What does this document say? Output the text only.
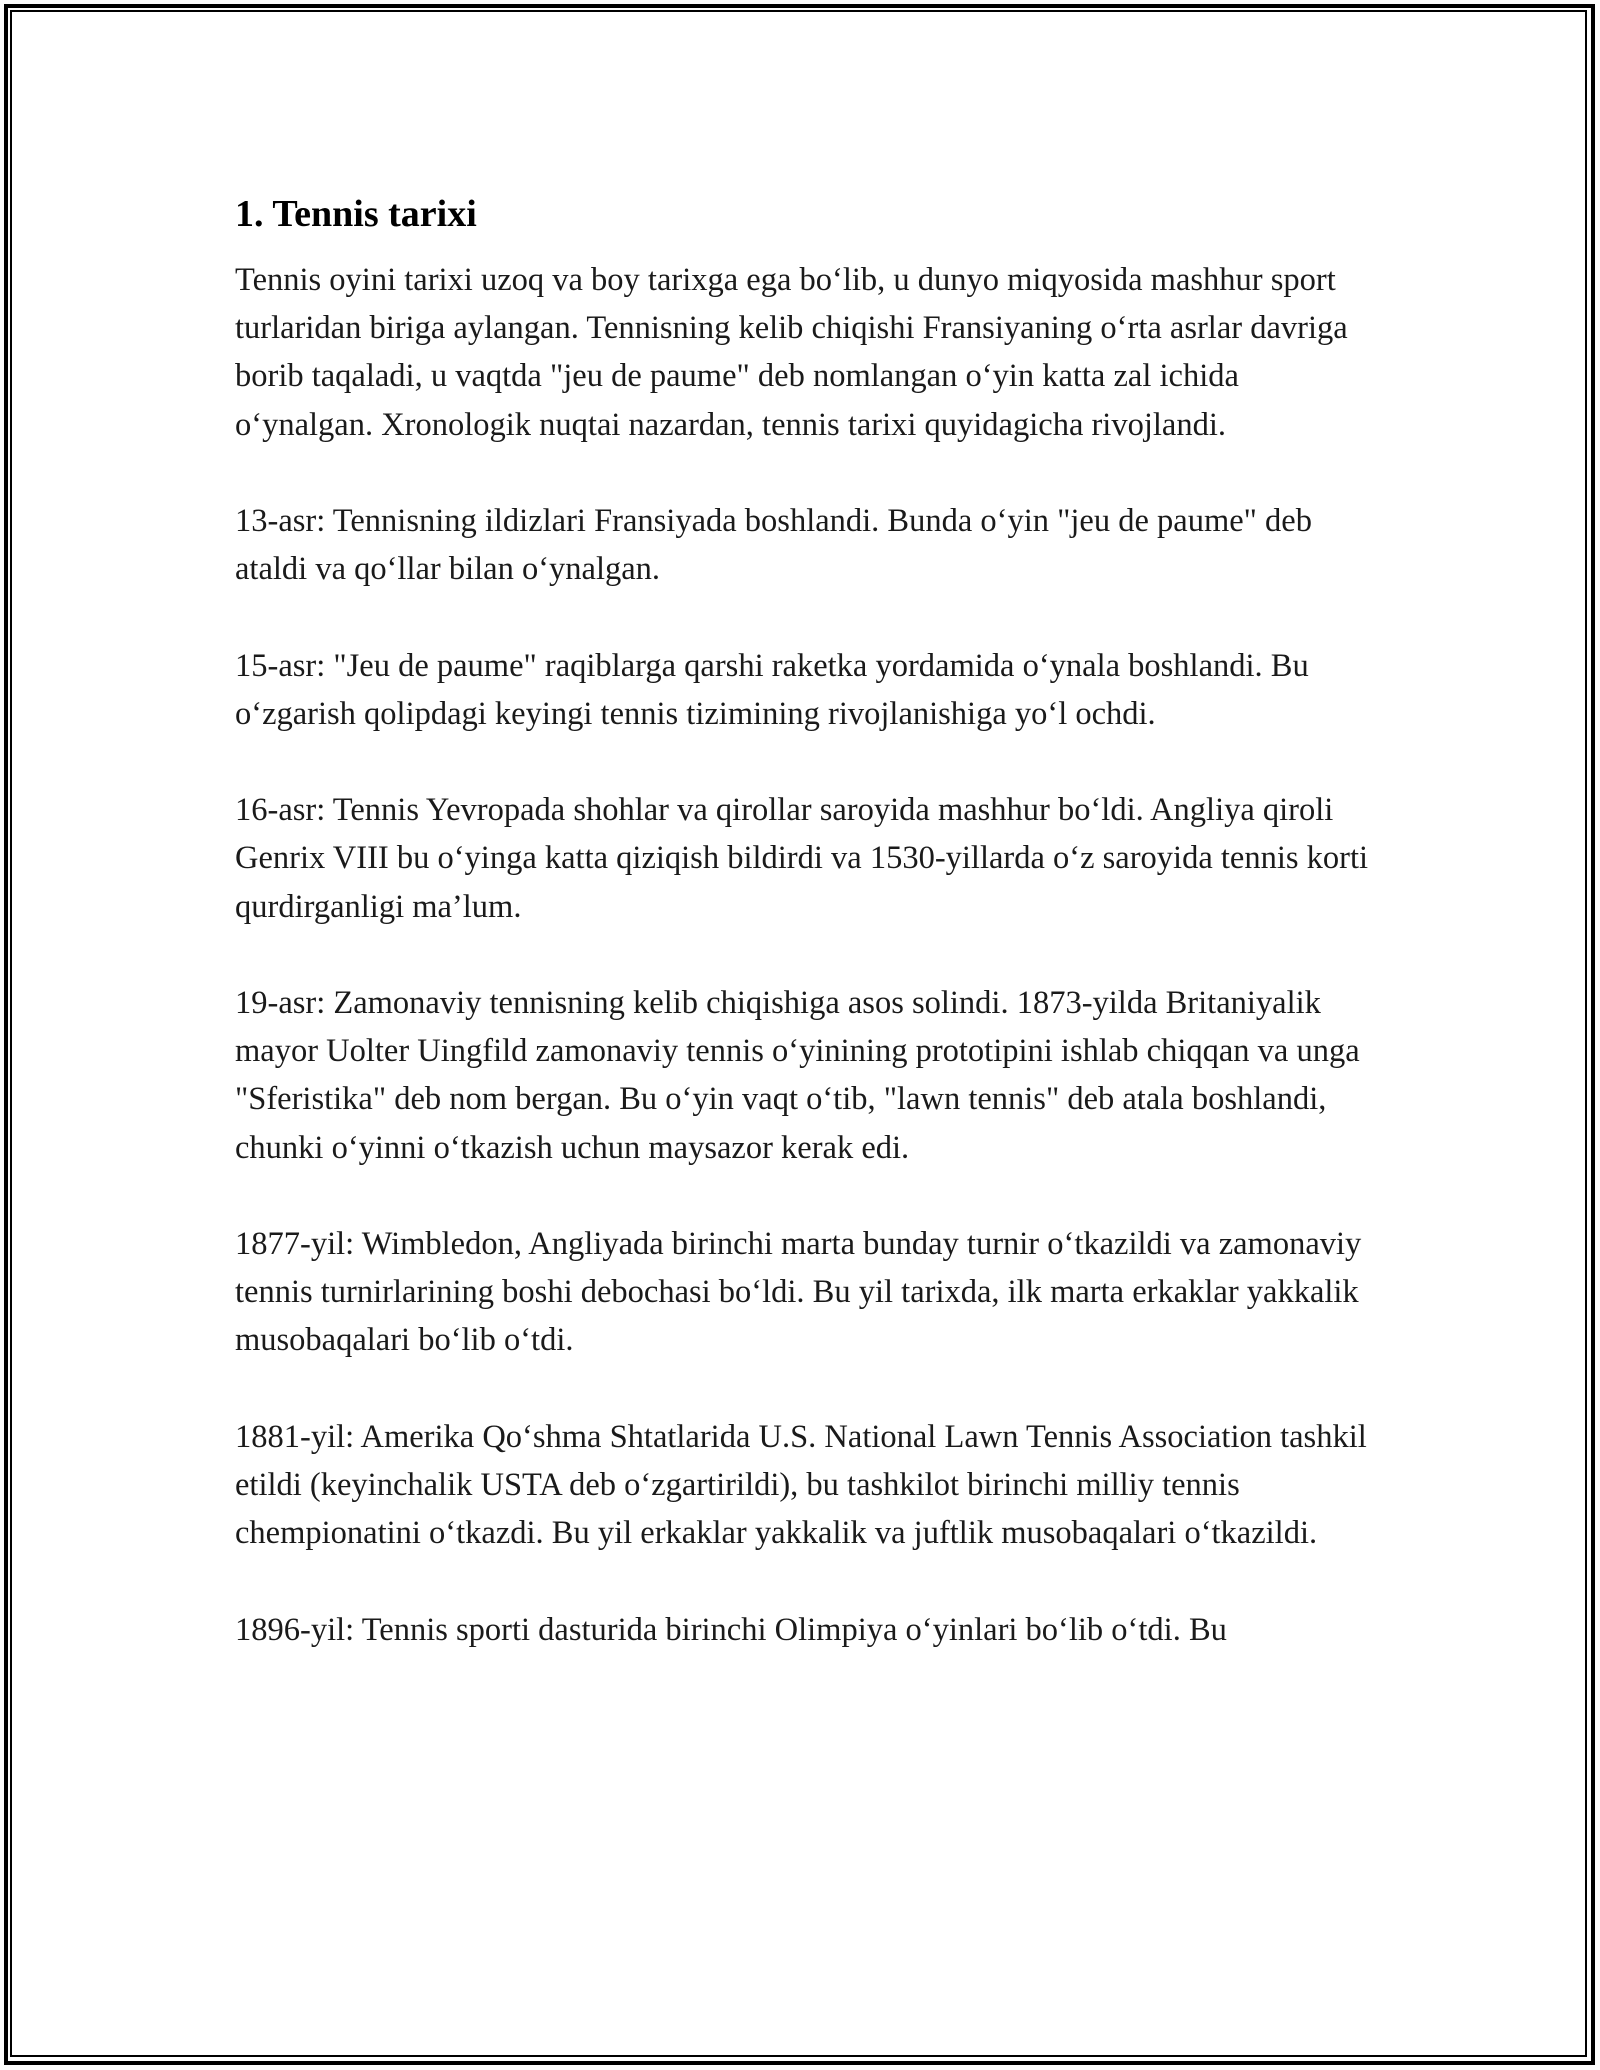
1. Tennis tarixi

Tennis oyini tarixi uzoq va boy tarixga ega bo‘lib, u dunyo miqyosida mashhur sport turlaridan biriga aylangan. Tennisning kelib chiqishi Fransiyaning o‘rta asrlar davriga borib taqaladi, u vaqtda "jeu de paume" deb nomlangan o‘yin katta zal ichida o‘ynalgan. Xronologik nuqtai nazardan, tennis tarixi quyidagicha rivojlandi.

13-asr: Tennisning ildizlari Fransiyada boshlandi. Bunda o‘yin "jeu de paume" deb ataldi va qo‘llar bilan o‘ynalgan.

15-asr: "Jeu de paume" raqiblarga qarshi raketka yordamida o‘ynala boshlandi. Bu o‘zgarish qolipdagi keyingi tennis tizimining rivojlanishiga yo‘l ochdi.

16-asr: Tennis Yevropada shohlar va qirollar saroyida mashhur bo‘ldi. Angliya qiroli Genrix VIII bu o‘yinga katta qiziqish bildirdi va 1530-yillarda o‘z saroyida tennis korti qurdirganligi ma’lum.

19-asr: Zamonaviy tennisning kelib chiqishiga asos solindi. 1873-yilda Britaniyalik mayor Uolter Uingfild zamonaviy tennis o‘yinining prototipini ishlab chiqqan va unga "Sferistika" deb nom bergan. Bu o‘yin vaqt o‘tib, "lawn tennis" deb atala boshlandi, chunki o‘yinni o‘tkazish uchun maysazor kerak edi.

1877-yil: Wimbledon, Angliyada birinchi marta bunday turnir o‘tkazildi va zamonaviy tennis turnirlarining boshi debochasi bo‘ldi. Bu yil tarixda, ilk marta erkaklar yakkalik musobaqalari bo‘lib o‘tdi.

1881-yil: Amerika Qo‘shma Shtatlarida U.S. National Lawn Tennis Association tashkil etildi (keyinchalik USTA deb o‘zgartirildi), bu tashkilot birinchi milliy tennis chempionatini o‘tkazdi. Bu yil erkaklar yakkalik va juftlik musobaqalari o‘tkazildi.

1896-yil: Tennis sporti dasturida birinchi Olimpiya o‘yinlari bo‘lib o‘tdi. Bu
